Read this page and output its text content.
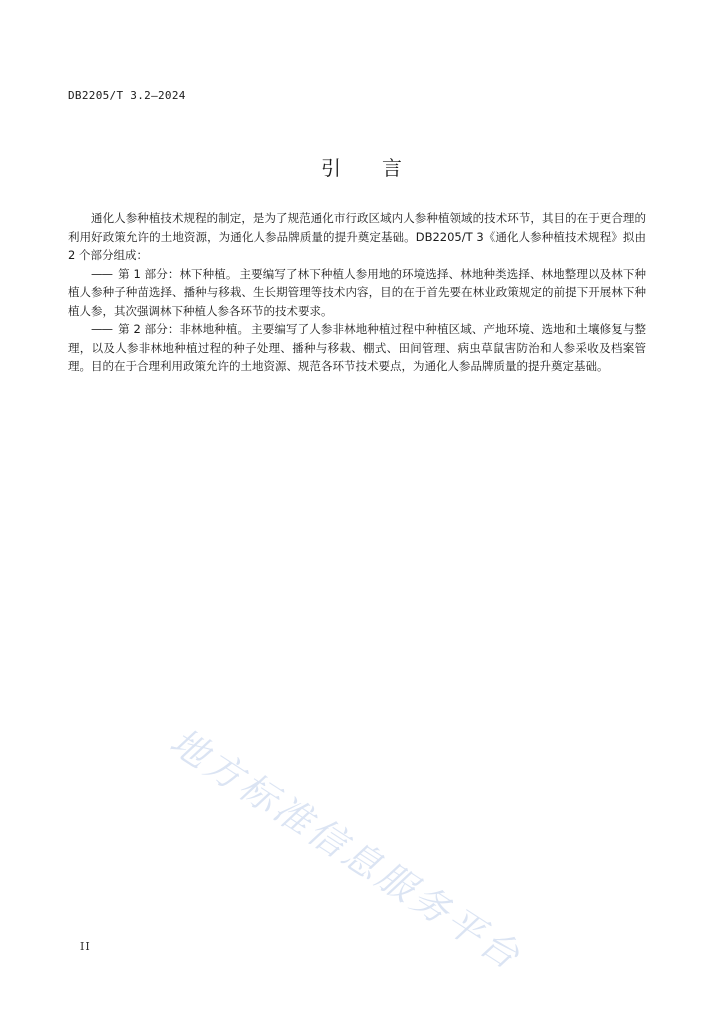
DB2205/T 3.2—2024
引 言

通化人参种植技术规程的制定，是为了规范通化市行政区域内人参种植领域的技术环节，其目的在于更合理的利用好政策允许的土地资源，为通化人参品牌质量的提升奠定基础。DB2205/T 3《通化人参种植技术规程》拟由 2 个部分组成：

—— 第 1 部分：林下种植。 主要编写了林下种植人参用地的环境选择、林地种类选择、林地整理以及林下种植人参种子种苗选择、播种与移栽、生长期管理等技术内容，目的在于首先要在林业政策规定的前提下开展林下种植人参，其次强调林下种植人参各环节的技术要求。

—— 第 2 部分：非林地种植。 主要编写了人参非林地种植过程中种植区域、产地环境、选地和土壤修复与整理，以及人参非林地种植过程的种子处理、播种与移栽、棚式、田间管理、病虫草鼠害防治和人参采收及档案管理。目的在于合理利用政策允许的土地资源、规范各环节技术要点，为通化人参品牌质量的提升奠定基础。

地方标准信息服务平台
II
